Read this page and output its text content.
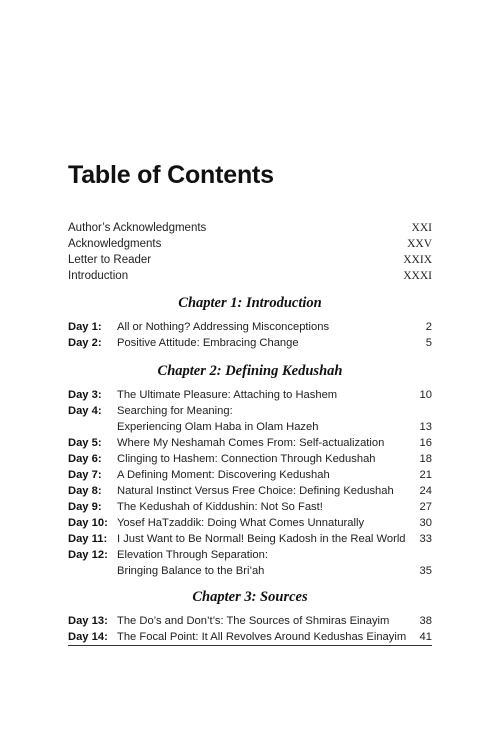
Table of Contents
Author’s Acknowledgments	XXI
Acknowledgments	XXV
Letter to Reader	XXIX
Introduction	XXXI
Chapter 1: Introduction
Day 1:	All or Nothing? Addressing Misconceptions	2
Day 2:	Positive Attitude: Embracing Change	5
Chapter 2: Defining Kedushah
Day 3:	The Ultimate Pleasure: Attaching to Hashem	10
Day 4:	Searching for Meaning:
Experiencing Olam Haba in Olam Hazeh	13
Day 5:	Where My Neshamah Comes From: Self-actualization	16
Day 6:	Clinging to Hashem: Connection Through Kedushah	18
Day 7:	A Defining Moment: Discovering Kedushah	21
Day 8:	Natural Instinct Versus Free Choice: Defining Kedushah	24
Day 9:	The Kedushah of Kiddushin: Not So Fast!	27
Day 10: Yosef HaTzaddik: Doing What Comes Unnaturally	30
Day 11: I Just Want to Be Normal! Being Kadosh in the Real World	33
Day 12: Elevation Through Separation:
Bringing Balance to the Bri’ah	35
Chapter 3: Sources
Day 13: The Do’s and Don’t’s: The Sources of Shmiras Einayim	38
Day 14: The Focal Point: It All Revolves Around Kedushas Einayim	41
